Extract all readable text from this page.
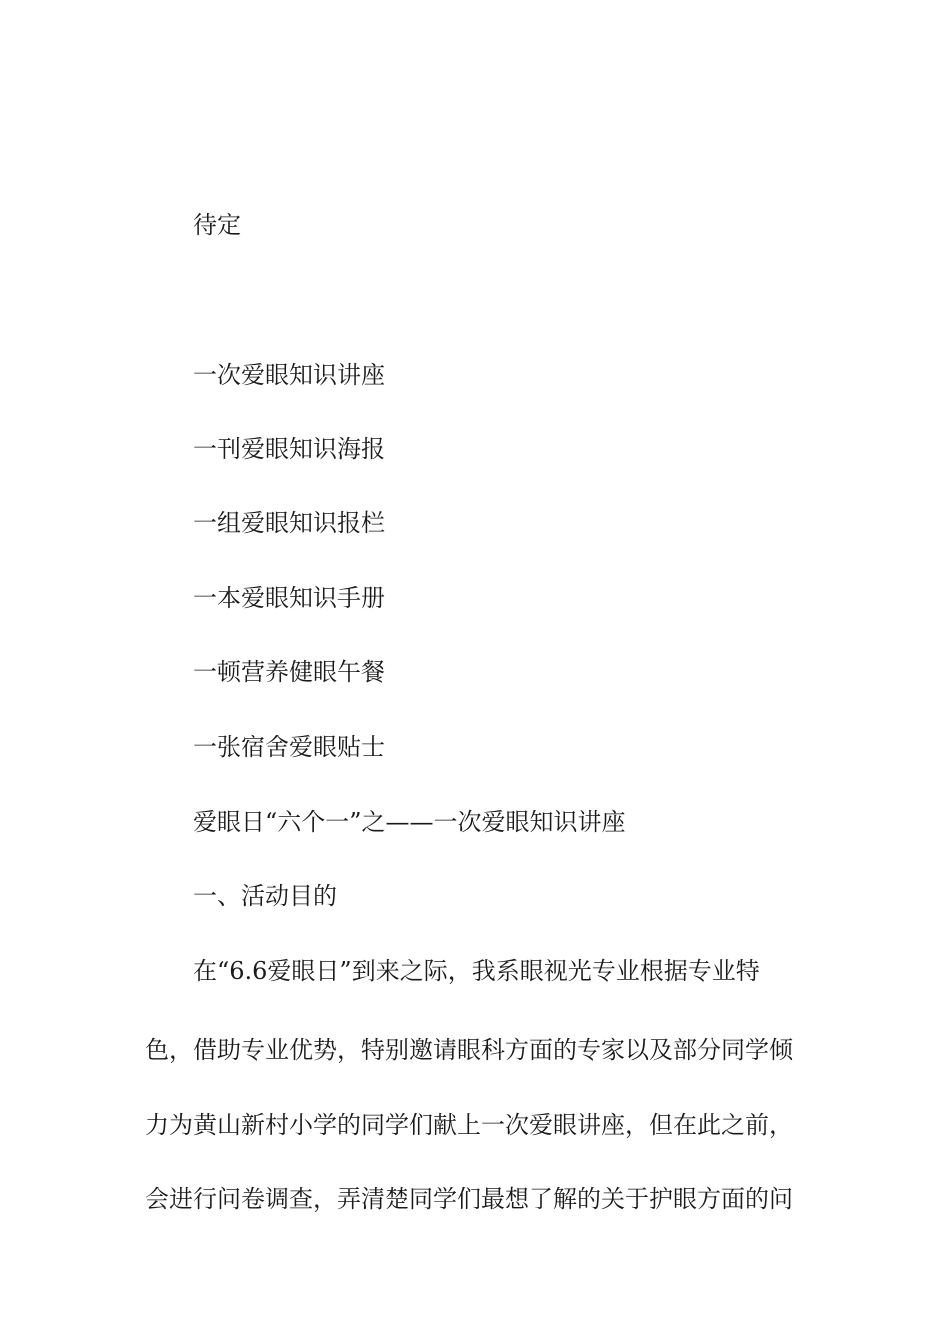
待定
一次爱眼知识讲座
一刊爱眼知识海报
一组爱眼知识报栏
一本爱眼知识手册
一顿营养健眼午餐
一张宿舍爱眼贴士
爱眼日“六个一”之——一次爱眼知识讲座
一、活动目的
在“6.6爱眼日”到来之际，我系眼视光专业根据专业特
色，借助专业优势，特别邀请眼科方面的专家以及部分同学倾
力为黄山新村小学的同学们献上一次爱眼讲座，但在此之前，
会进行问卷调查，弄清楚同学们最想了解的关于护眼方面的问
